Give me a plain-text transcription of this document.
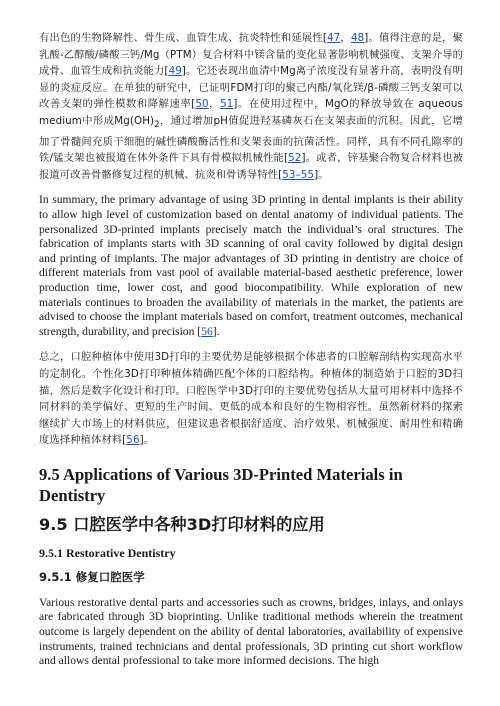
有出色的生物降解性、骨生成、血管生成、抗炎特性和延展性[47，48]。值得注意的是，聚乳酸-乙醇酸/磷酸三钙/Mg（PTM）复合材料中镁含量的变化显著影响机械强度、支架介导的成骨、血管生成和抗炎能力[49]。它还表现出血清中Mg离子浓度没有显著升高，表明没有明显的炎症反应。在单独的研究中，已证明FDM打印的聚己内酯/氧化镁/β-磷酸三钙支架可以改善支架的弹性模数和降解速率[50，51]。在使用过程中，MgO的释放导致在 aqueous medium中形成$Mg(OH)_2$，通过增加pH值促进羟基磷灰石在支架表面的沉积。因此，它增加了骨髓间充质干细胞的碱性磷酸酶活性和支架表面的抗菌活性。同样，具有不同孔隙率的铁/锰支架也被报道在体外条件下具有骨模拟机械性能[52]。或者，锌基聚合物复合材料也被报道可改善骨骼修复过程的机械、抗炎和骨诱导特性[53–55]。

In summary, the primary advantage of using 3D printing in dental implants is their ability to allow high level of customization based on dental anatomy of individual patients. The personalized 3D-printed implants precisely match the individual’s oral structures. The fabrication of implants starts with 3D scanning of oral cavity followed by digital design and printing of implants. The major advantages of 3D printing in dentistry are choice of different materials from vast pool of available material-based aesthetic preference, lower production time, lower cost, and good biocompatibility. While exploration of new materials continues to broaden the availability of materials in the market, the patients are advised to choose the implant materials based on comfort, treatment outcomes, mechanical strength, durability, and precision [56].

总之，口腔种植体中使用3D打印的主要优势是能够根据个体患者的口腔解剖结构实现高水平的定制化。个性化3D打印种植体精确匹配个体的口腔结构。种植体的制造始于口腔的3D扫描，然后是数字化设计和打印。口腔医学中3D打印的主要优势包括从大量可用材料中选择不同材料的美学偏好、更短的生产时间、更低的成本和良好的生物相容性。虽然新材料的探索继续扩大市场上的材料供应，但建议患者根据舒适度、治疗效果、机械强度、耐用性和精确度选择种植体材料[56]。

9.5 Applications of Various 3D-Printed Materials in Dentistry
9.5 口腔医学中各种3D打印材料的应用
9.5.1 Restorative Dentistry
9.5.1 修复口腔医学

Various restorative dental parts and accessories such as crowns, bridges, inlays, and onlays are fabricated through 3D bioprinting. Unlike traditional methods wherein the treatment outcome is largely dependent on the ability of dental laboratories, availability of expensive instruments, trained technicians and dental professionals, 3D printing cut short workflow and allows dental professional to take more informed decisions. The high
